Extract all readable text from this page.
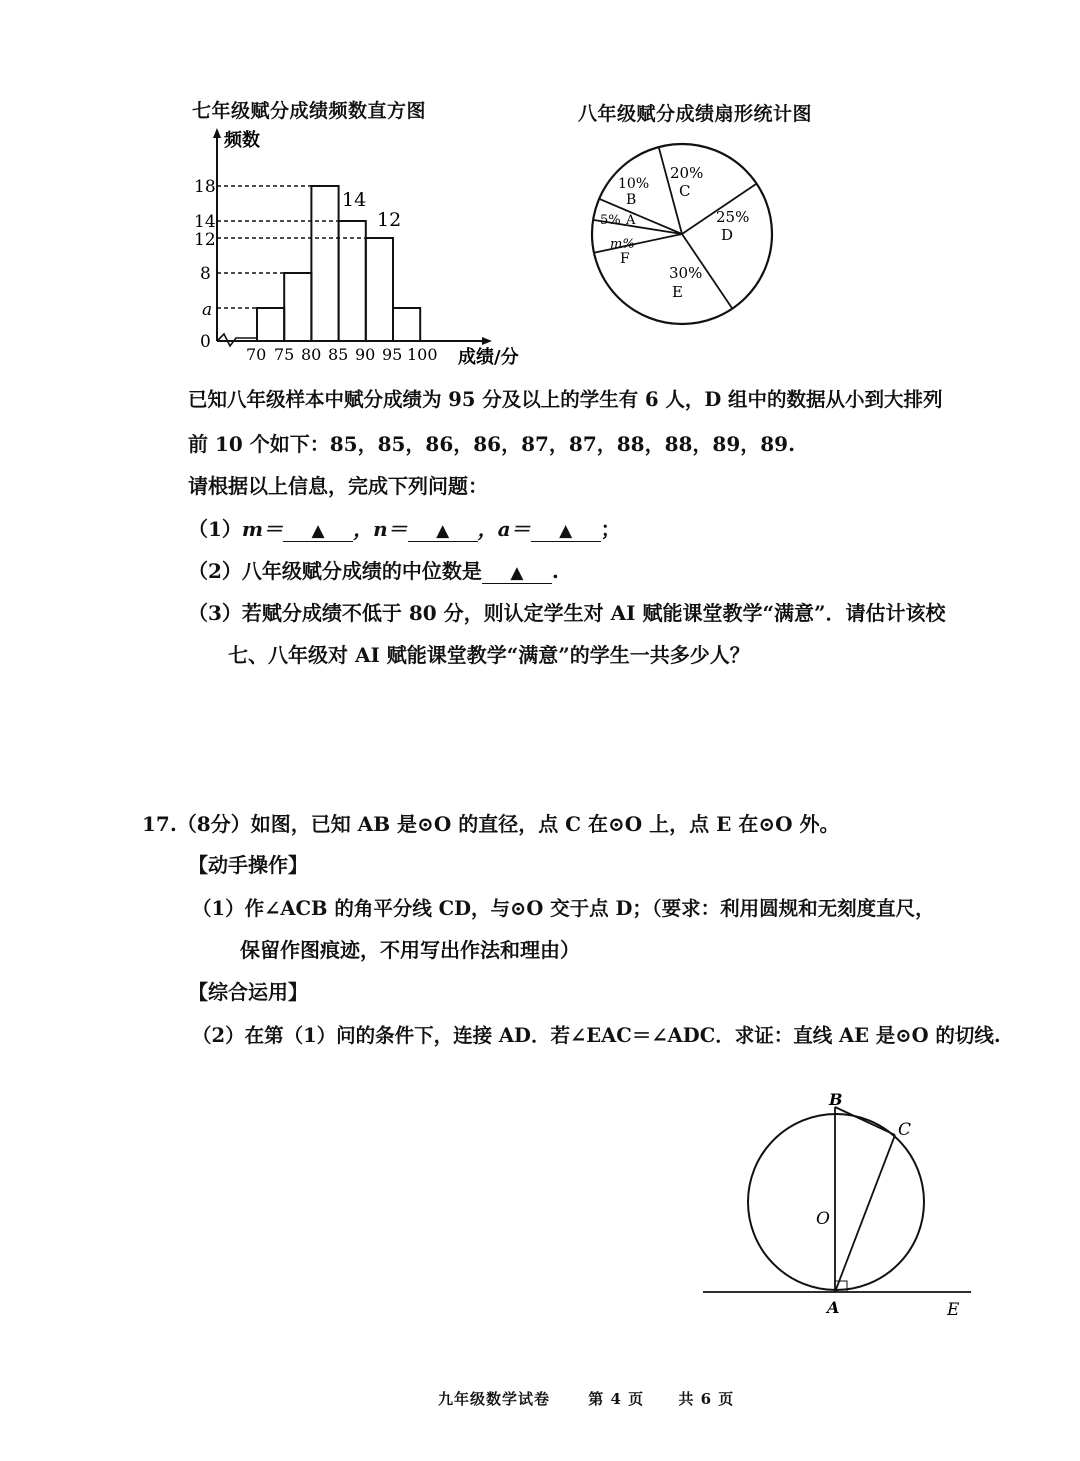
七年级赋分成绩频数直方图
0
a
8
12
14
18
70 75 80 85 90 95 100
频数
成绩/分
14
12
八年级赋分成绩扇形统计图
20%
C
25%
D
30%
E
m%
F
5% A
10%
B
已知八年级样本中赋分成绩为 95 分及以上的学生有 6 人，D 组中的数据从小到大排列
前 10 个如下：85，85，86，86，87，87，88，88，89，89.
请根据以上信息，完成下列问题：
（1）m＝ ▲ ，n＝ ▲ ，a＝ ▲ ；
（2）八年级赋分成绩的中位数是 ▲ .
（3）若赋分成绩不低于 80 分，则认定学生对 AI 赋能课堂教学“满意”．请估计该校
七、八年级对 AI 赋能课堂教学“满意”的学生一共多少人？
17.（8分）如图，已知 AB 是⊙O 的直径，点 C 在⊙O 上，点 E 在⊙O 外。
【动手操作】
（1）作∠ACB 的角平分线 CD，与⊙O 交于点 D；（要求：利用圆规和无刻度直尺，
保留作图痕迹，不用写出作法和理由）
【综合运用】
（2）在第（1）问的条件下，连接 AD．若∠EAC＝∠ADC．求证：直线 AE 是⊙O 的切线.
B
C
O
A	E
九年级数学试卷	第 4 页 共 6 页
